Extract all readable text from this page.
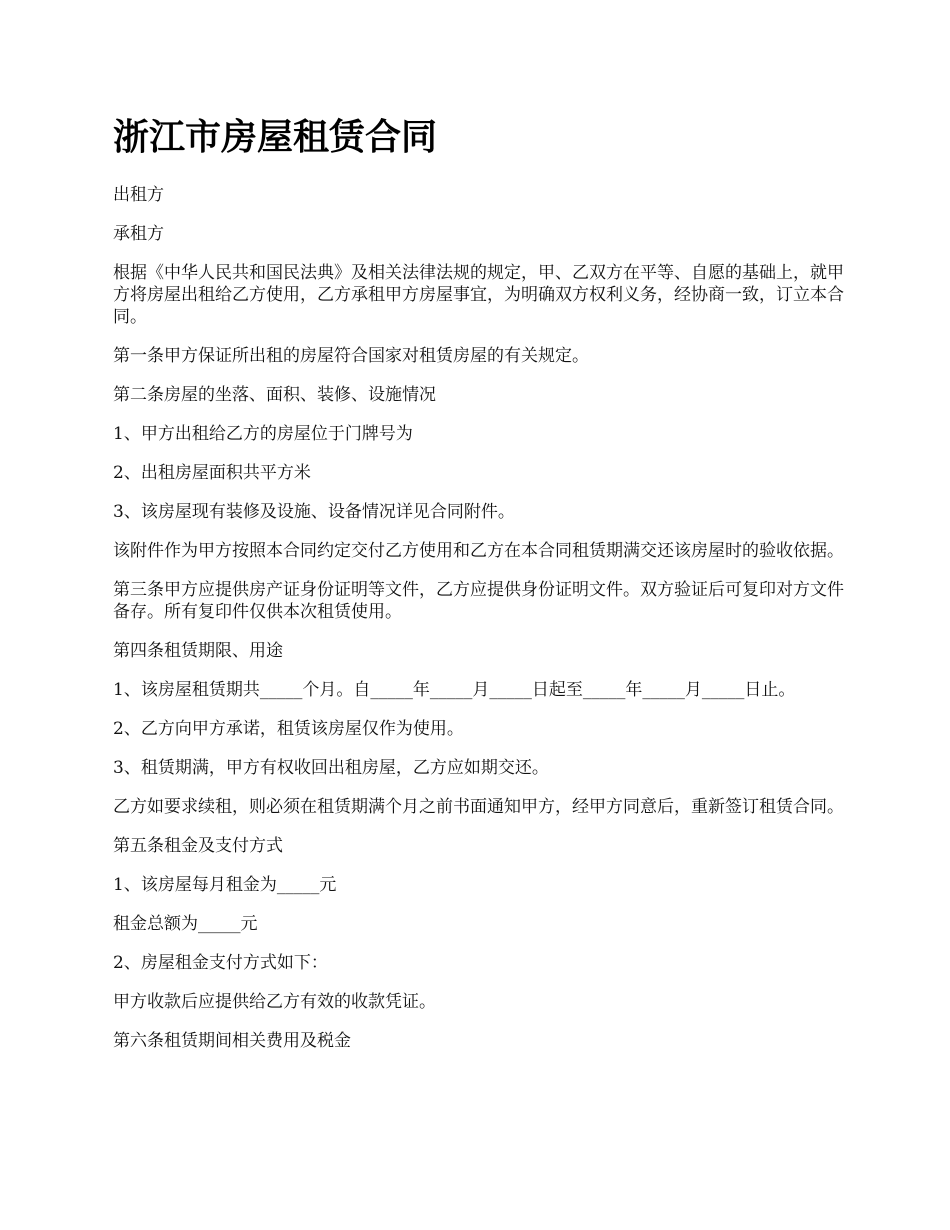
浙江市房屋租赁合同

出租方

承租方

根据《中华人民共和国民法典》及相关法律法规的规定，甲、乙双方在平等、自愿的基础上，就甲方将房屋出租给乙方使用，乙方承租甲方房屋事宜，为明确双方权利义务，经协商一致，订立本合同。

第一条甲方保证所出租的房屋符合国家对租赁房屋的有关规定。

第二条房屋的坐落、面积、装修、设施情况

1、甲方出租给乙方的房屋位于门牌号为

2、出租房屋面积共平方米

3、该房屋现有装修及设施、设备情况详见合同附件。

该附件作为甲方按照本合同约定交付乙方使用和乙方在本合同租赁期满交还该房屋时的验收依据。

第三条甲方应提供房产证身份证明等文件，乙方应提供身份证明文件。双方验证后可复印对方文件备存。所有复印件仅供本次租赁使用。

第四条租赁期限、用途

1、该房屋租赁期共_____个月。自_____年_____月_____日起至_____年_____月_____日止。

2、乙方向甲方承诺，租赁该房屋仅作为使用。

3、租赁期满，甲方有权收回出租房屋，乙方应如期交还。

乙方如要求续租，则必须在租赁期满个月之前书面通知甲方，经甲方同意后，重新签订租赁合同。

第五条租金及支付方式

1、该房屋每月租金为_____元

租金总额为_____元

2、房屋租金支付方式如下：

甲方收款后应提供给乙方有效的收款凭证。

第六条租赁期间相关费用及税金
